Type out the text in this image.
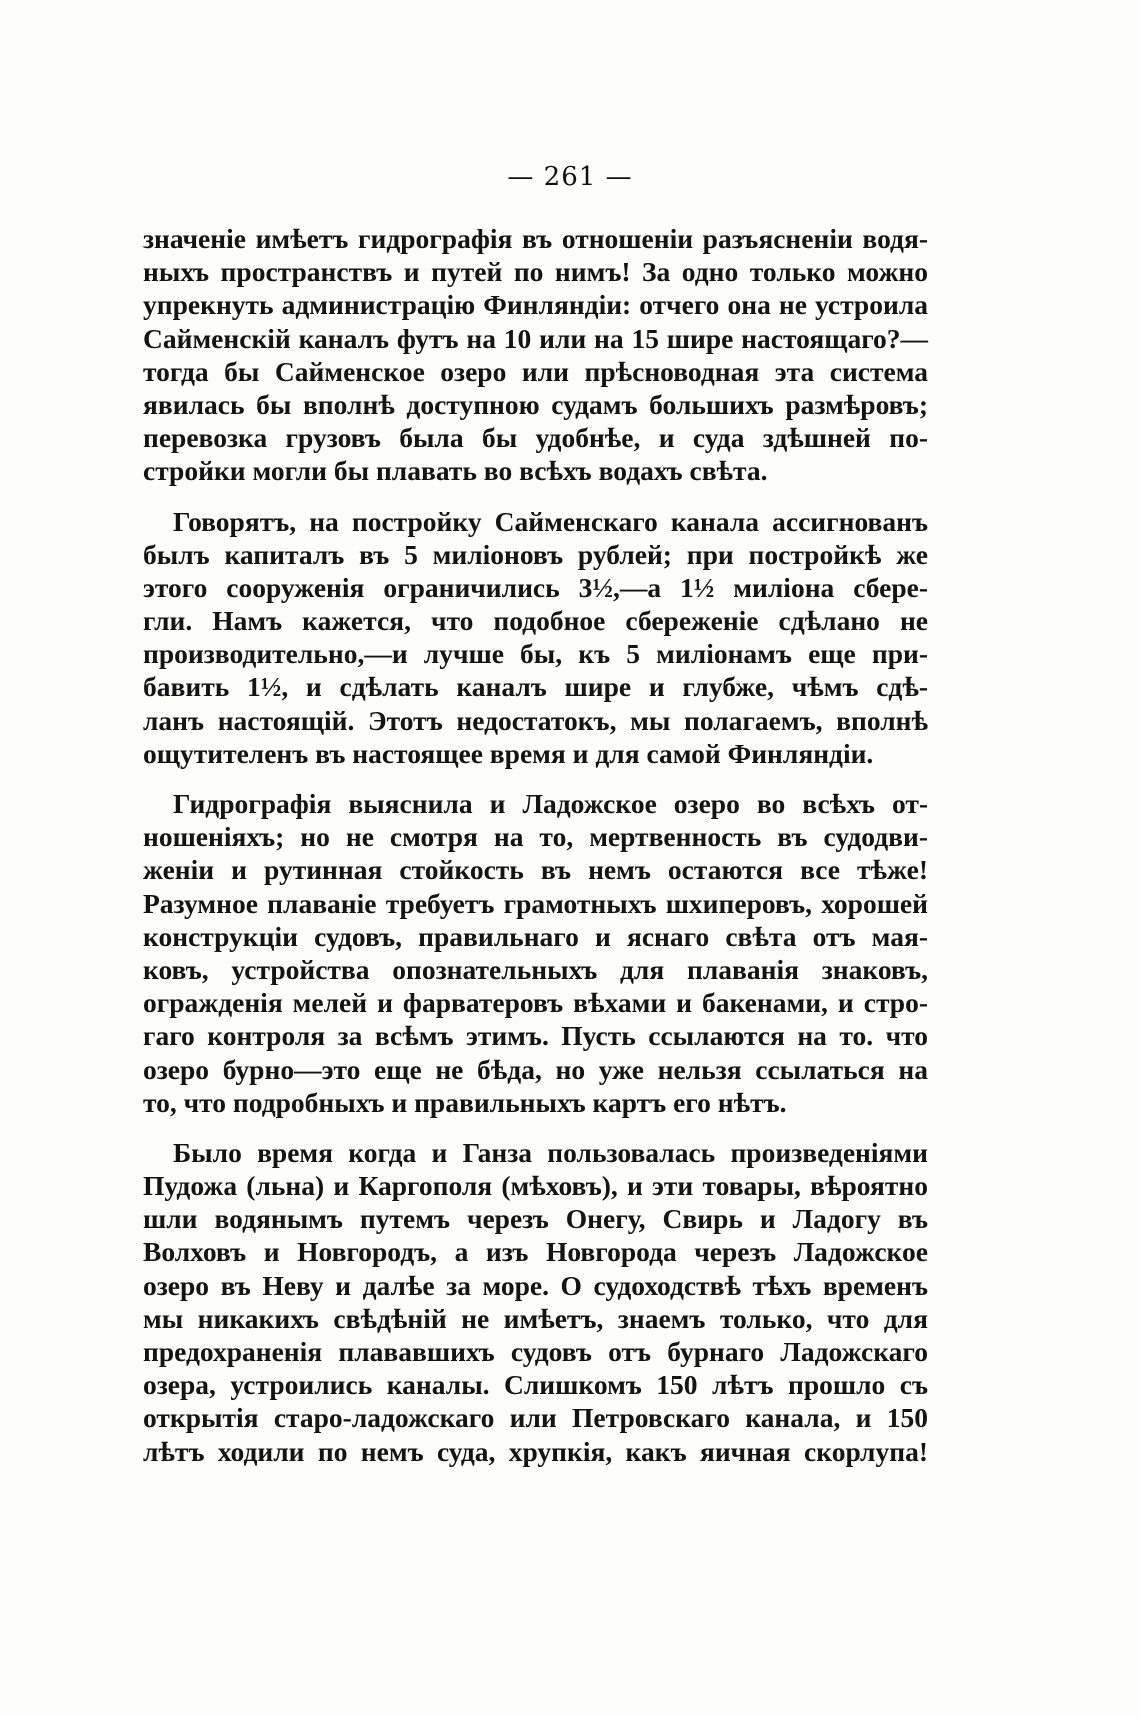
— 261 —
значеніе имѣетъ гидрографія въ отношеніи разъясненіи водя-
ныхъ пространствъ и путей по нимъ! За одно только можно
упрекнуть администрацію Финляндіи: отчего она не устроила
Сайменскій каналъ футъ на 10 или на 15 шире настоящаго?—
тогда бы Сайменское озеро или прѣсноводная эта система
явилась бы вполнѣ доступною судамъ большихъ размѣровъ;
перевозка грузовъ была бы удобнѣе, и суда здѣшней по-
стройки могли бы плавать во всѣхъ водахъ свѣта.
Говорятъ, на постройку Сайменскаго канала ассигнованъ
былъ капиталъ въ 5 миліоновъ рублей; при постройкѣ же
этого сооруженія ограничились 3½,—а 1½ миліона сбере-
гли. Намъ кажется, что подобное сбереженіе сдѣлано не
производительно,—и лучше бы, къ 5 миліонамъ еще при-
бавить 1½, и сдѣлать каналъ шире и глубже, чѣмъ сдѣ-
ланъ настоящій. Этотъ недостатокъ, мы полагаемъ, вполнѣ
ощутителенъ въ настоящее время и для самой Финляндіи.
Гидрографія выяснила и Ладожское озеро во всѣхъ от-
ношеніяхъ; но не смотря на то, мертвенность въ судодви-
женіи и рутинная стойкость въ немъ остаются все тѣже!
Разумное плаваніе требуетъ грамотныхъ шхиперовъ, хорошей
конструкціи судовъ, правильнаго и яснаго свѣта отъ мая-
ковъ, устройства опознательныхъ для плаванія знаковъ,
огражденія мелей и фарватеровъ вѣхами и бакенами, и стро-
гаго контроля за всѣмъ этимъ. Пусть ссылаются на то. что
озеро бурно—это еще не бѣда, но уже нельзя ссылаться на
то, что подробныхъ и правильныхъ картъ его нѣтъ.
Было время когда и Ганза пользовалась произведеніями
Пудожа (льна) и Каргополя (мѣховъ), и эти товары, вѣроятно
шли водянымъ путемъ черезъ Онегу, Свирь и Ладогу въ
Волховъ и Новгородъ, а изъ Новгорода черезъ Ладожское
озеро въ Неву и далѣе за море. О судоходствѣ тѣхъ временъ
мы никакихъ свѣдѣній не имѣетъ, знаемъ только, что для
предохраненія плававшихъ судовъ отъ бурнаго Ладожскаго
озера, устроились каналы. Слишкомъ 150 лѣтъ прошло съ
открытія старо-ладожскаго или Петровскаго канала, и 150
лѣтъ ходили по немъ суда, хрупкія, какъ яичная скорлупа!
